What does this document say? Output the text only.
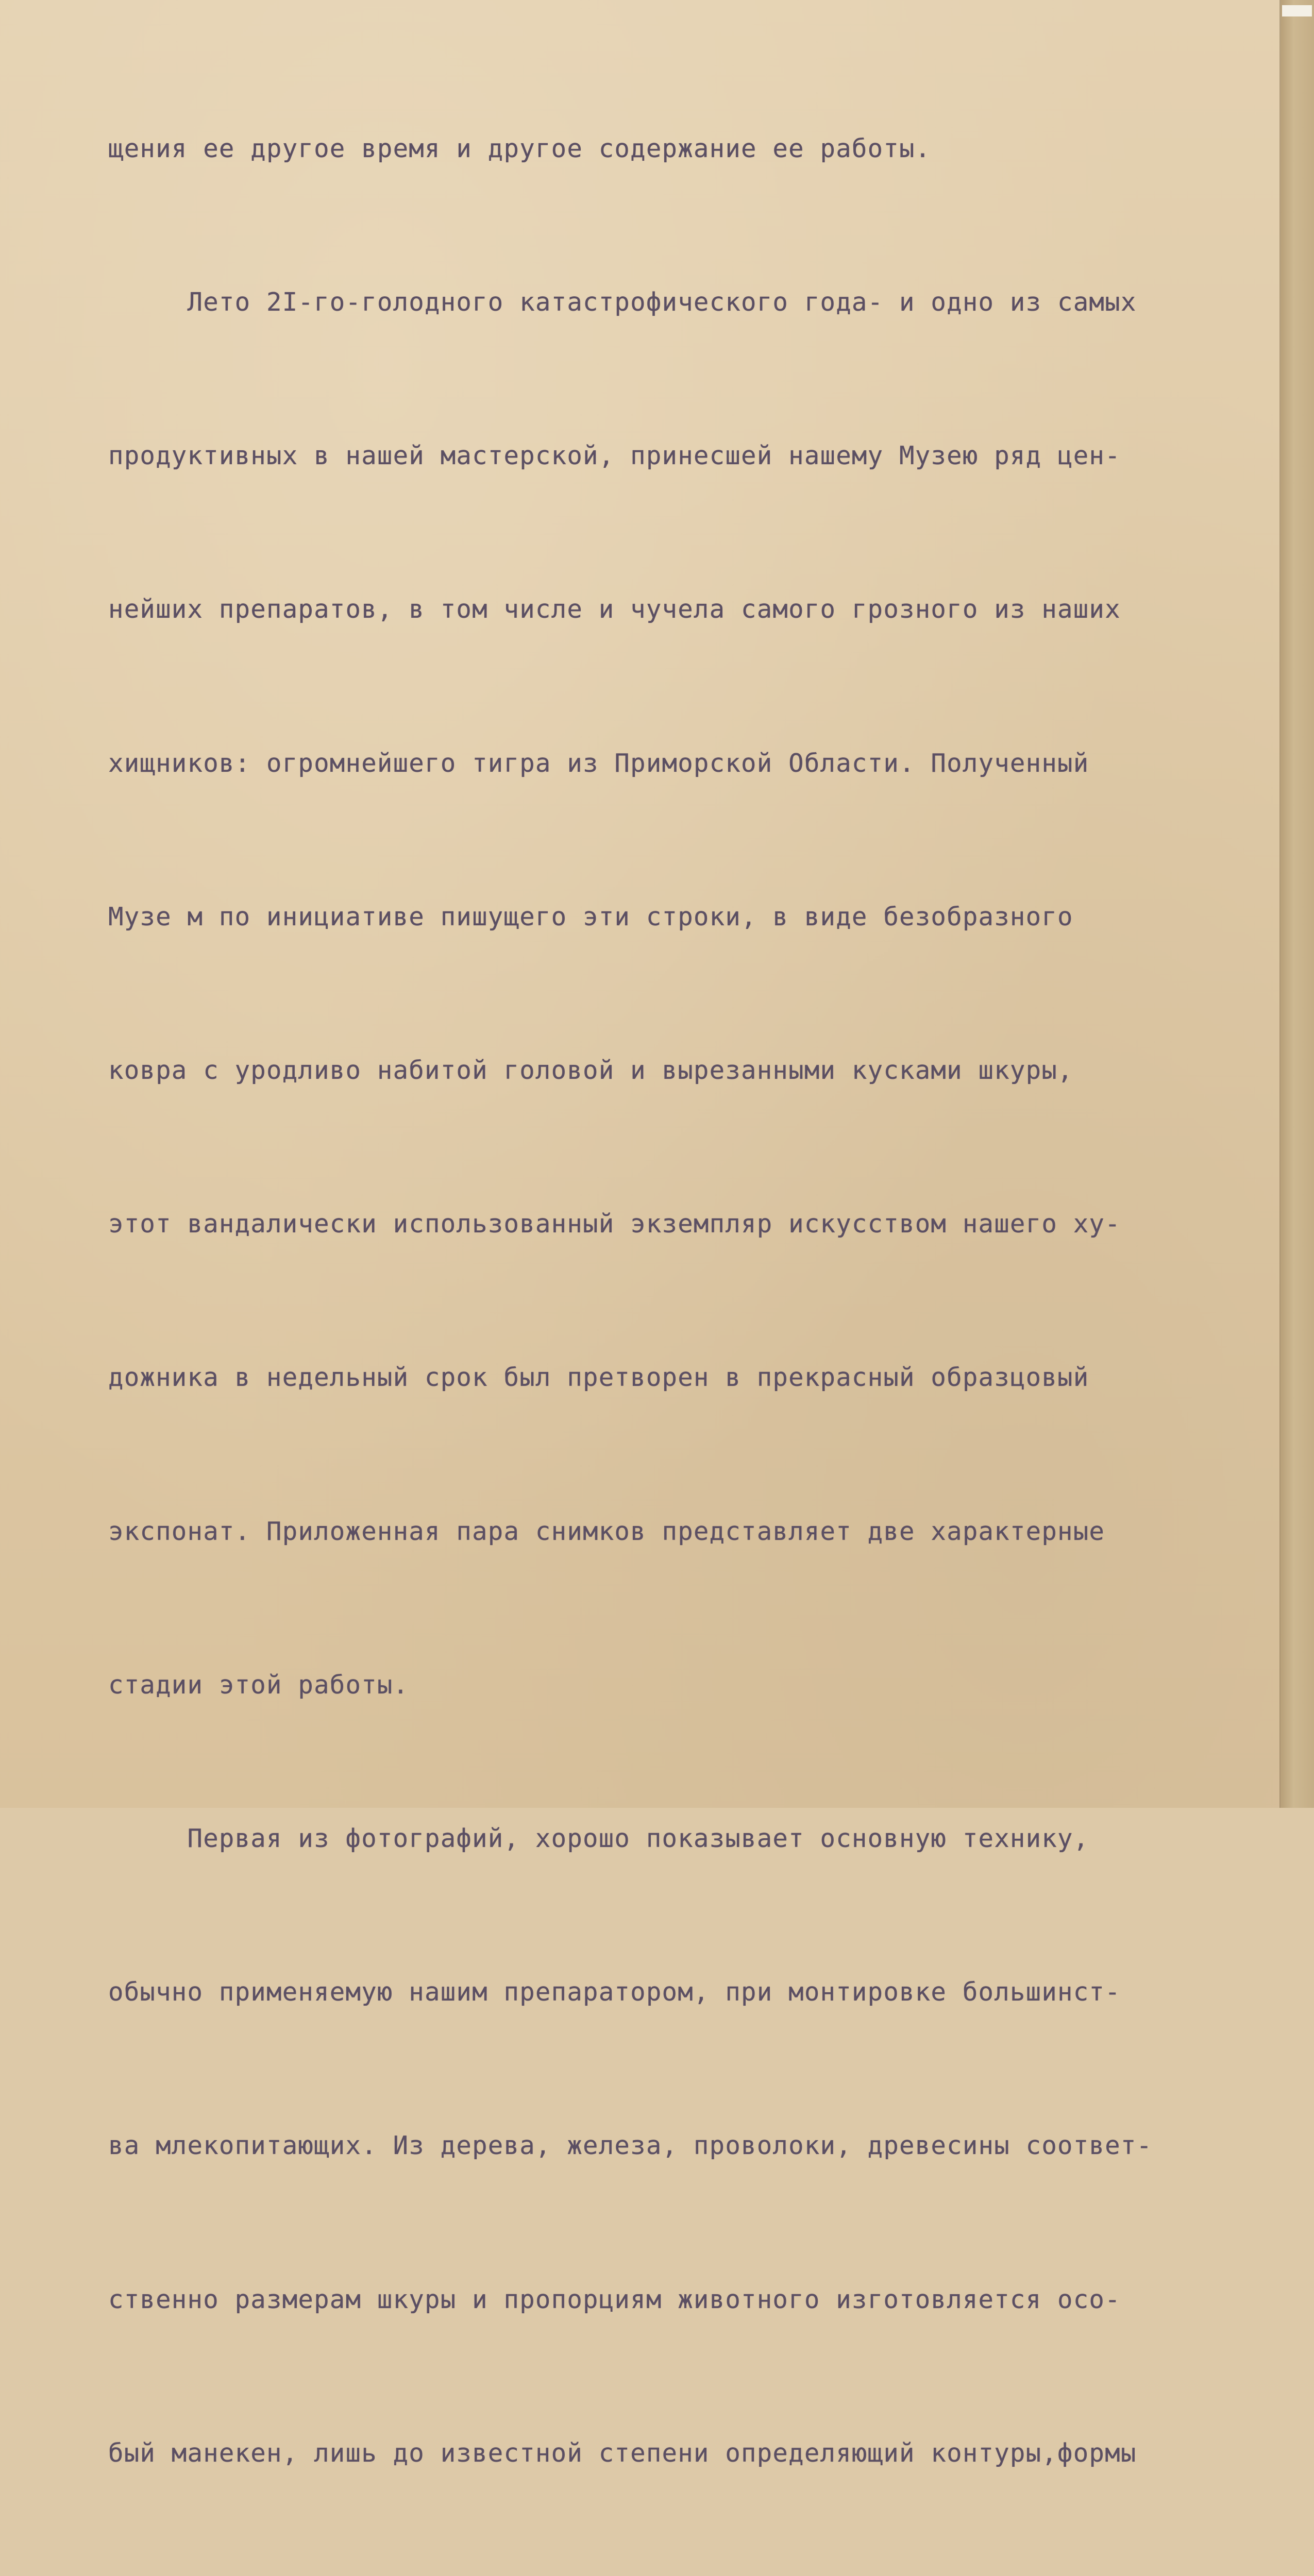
щения ее другое время и другое содержание ее работы.

Лето 2I-го-голодного катастрофического года- и одно из самых

продуктивных в нашей мастерской, принесшей нашему Музею ряд цен-

нейших препаратов, в том числе и чучела самого грозного из наших

хищников: огромнейшего тигра из Приморской Области. Полученный

Музе м по инициативе пишущего эти строки, в виде безобразного

ковра с уродливо набитой головой и вырезанными кусками шкуры,

этот вандалически использованный экземпляр искусством нашего ху-

дожника в недельный срок был претворен в прекрасный образцовый

экспонат. Приложенная пара снимков представляет две характерные

стадии этой работы.

Первая из фотографий, хорошо показывает основную технику,

обычно применяемую нашим препаратором, при монтировке большинст-

ва млекопитающих. Из дерева, железа, проволоки, древесины соответ-

ственно размерам шкуры и пропорциям животного изготовляется осо-

бый манекен, лишь до известной степени определяющий контуры,формы
